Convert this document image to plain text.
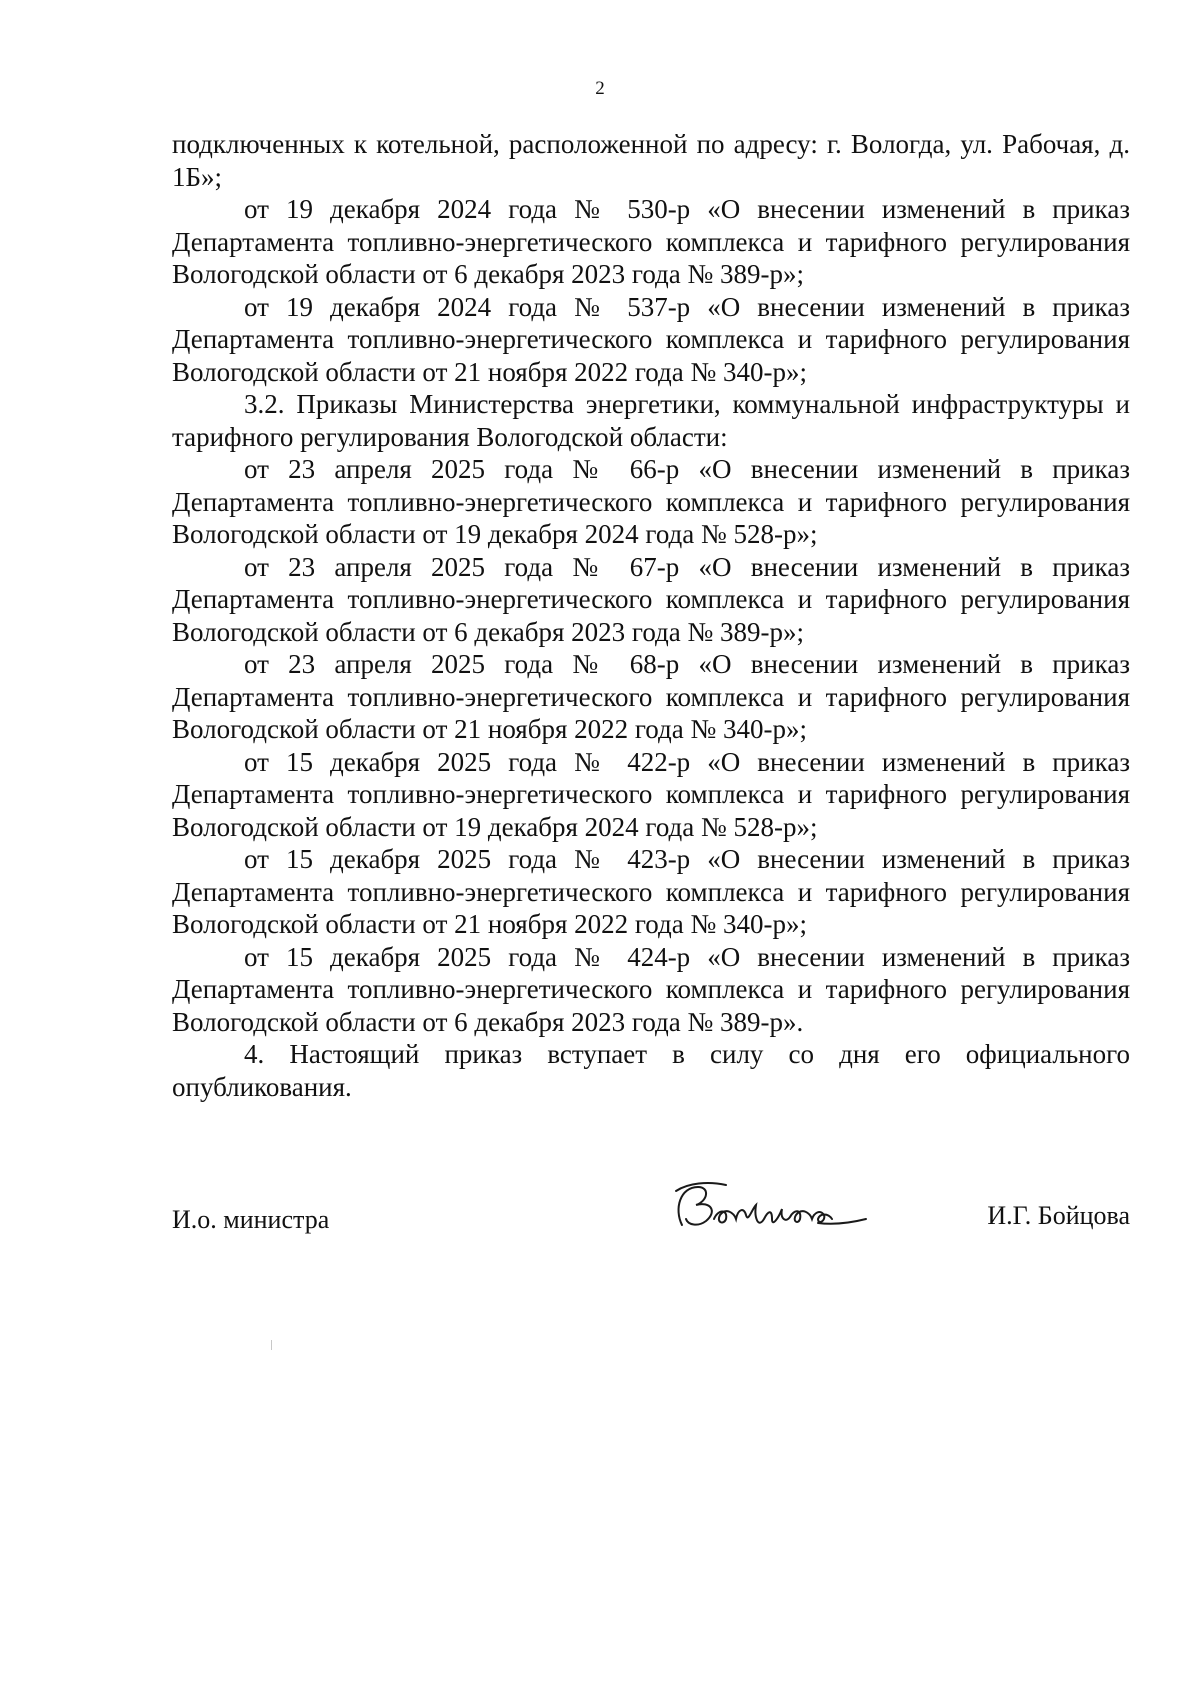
2

подключенных к котельной, расположенной по адресу: г. Вологда, ул. Рабочая, д. 1Б»;

от 19 декабря 2024 года № 530-р «О внесении изменений в приказ Департамента топливно-энергетического комплекса и тарифного регулирования Вологодской области от 6 декабря 2023 года № 389-р»;

от 19 декабря 2024 года № 537-р «О внесении изменений в приказ Департамента топливно-энергетического комплекса и тарифного регулирования Вологодской области от 21 ноября 2022 года № 340-р»;

3.2. Приказы Министерства энергетики, коммунальной инфраструктуры и тарифного регулирования Вологодской области:

от 23 апреля 2025 года № 66-р «О внесении изменений в приказ Департамента топливно-энергетического комплекса и тарифного регулирования Вологодской области от 19 декабря 2024 года № 528-р»;

от 23 апреля 2025 года № 67-р «О внесении изменений в приказ Департамента топливно-энергетического комплекса и тарифного регулирования Вологодской области от 6 декабря 2023 года № 389-р»;

от 23 апреля 2025 года № 68-р «О внесении изменений в приказ Департамента топливно-энергетического комплекса и тарифного регулирования Вологодской области от 21 ноября 2022 года № 340-р»;

от 15 декабря 2025 года № 422-р «О внесении изменений в приказ Департамента топливно-энергетического комплекса и тарифного регулирования Вологодской области от 19 декабря 2024 года № 528-р»;

от 15 декабря 2025 года № 423-р «О внесении изменений в приказ Департамента топливно-энергетического комплекса и тарифного регулирования Вологодской области от 21 ноября 2022 года № 340-р»;

от 15 декабря 2025 года № 424-р «О внесении изменений в приказ Департамента топливно-энергетического комплекса и тарифного регулирования Вологодской области от 6 декабря 2023 года № 389-р».

4. Настоящий приказ вступает в силу со дня его официального опубликования.

И.о. министра	И.Г. Бойцова
